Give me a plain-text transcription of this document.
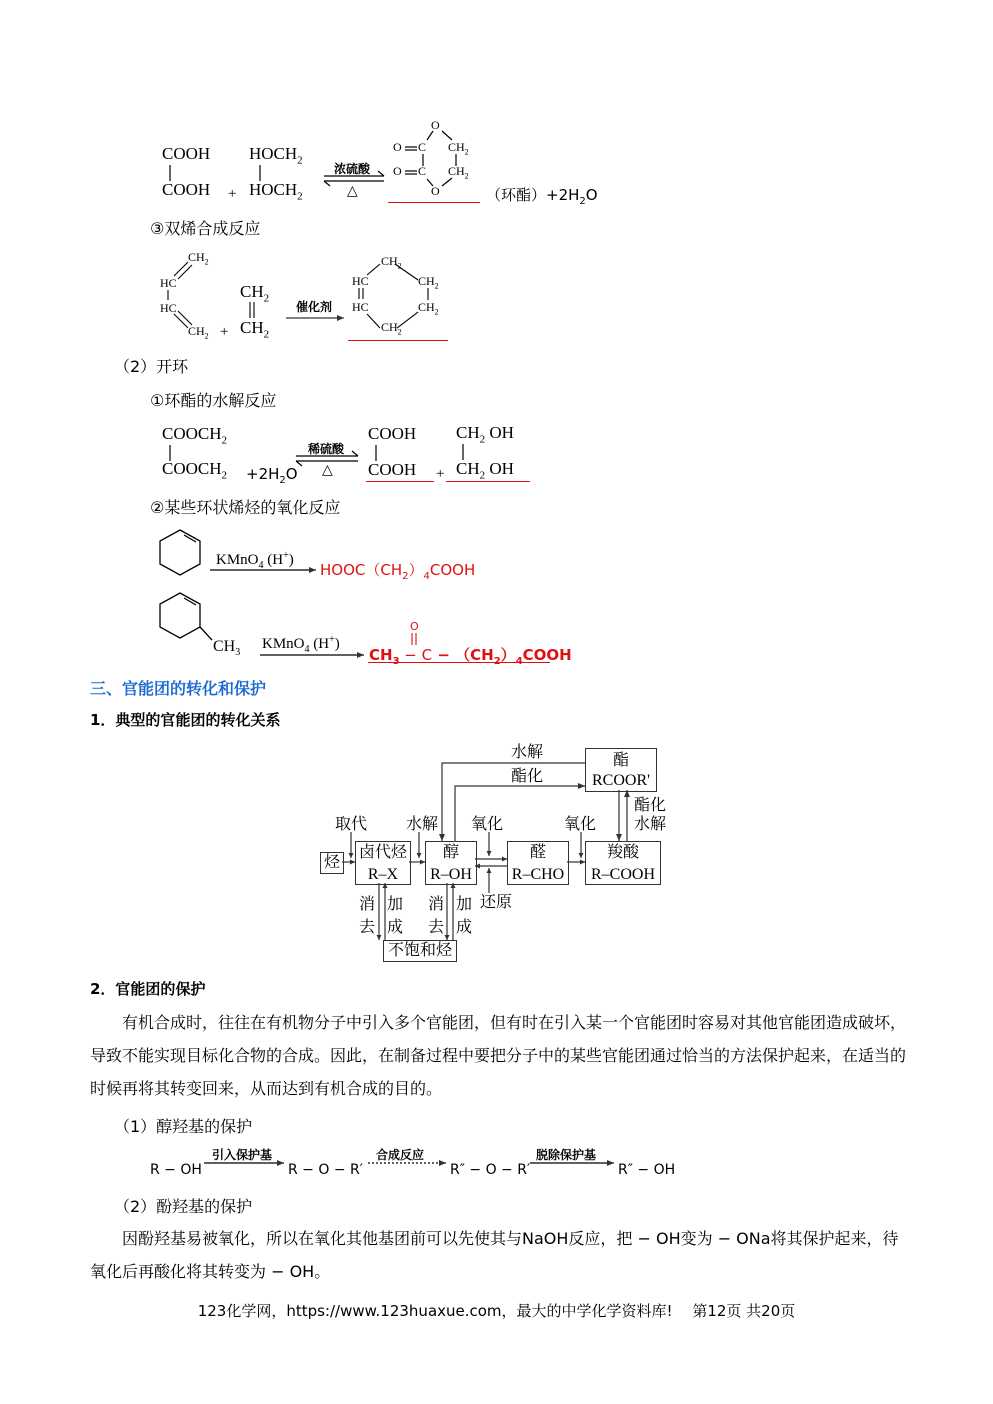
COOH
COOH +
$HOCH_2$
$HOCH_2$
浓硫酸
△
O
O C
O C
$CH_2$
$CH_2$
O	（环酯）$+2H_2O$
③双烯合成反应
$CH_2$
HC
HC
$CH_2$ +
$CH_2$
$CH_2$
催化剂
$CH_2$
HC
HC
$CH_2$
$CH_2$
$CH_2$
（2）开环
①环酯的水解反应
$COOCH_2$
$COOCH_2 +2H_2O$
稀硫酸
△
COOH
COOH +
$CH_2$ OH
$CH_2$ OH
②某些环状烯烃的氧化反应
KMnO$_4$ (H+)
$HOOC(CH_2)_4COOH$
$CH_3$
KMnO$_4$ (H+)
$CH_3 - C$ − $(CH_2)_4COOH$
O
三、官能团的转化和保护
1．典型的官能团的转化关系
酯
RCOOR'
水解
酯化
酯化
水解
取代 水解 氧化	氧化
烃
卤代烃
R–X
醇
R–OH
醛
R–CHO
羧酸
R–COOH
消
去
加
成
消
去
加
成
还原
不饱和烃
2．官能团的保护
有机合成时，往往在有机物分子中引入多个官能团，但有时在引入某一个官能团时容易对其他官能团造成破坏，导致不能实现目标化合物的合成。因此，在制备过程中要把分子中的某些官能团通过恰当的方法保护起来，在适当的时候再将其转变回来，从而达到有机合成的目的。
（1）醇羟基的保护
R − OH
引入保护基
R − O − R′
合成反应
R″ − O − R′
脱除保护基
R″ − OH
（2）酚羟基的保护
因酚羟基易被氧化，所以在氧化其他基团前可以先使其与NaOH反应，把 − OH变为 − ONa将其保护起来，待氧化后再酸化将其转变为 − OH。
123化学网，https://www.123huaxue.com，最大的中学化学资料库!　 第12页 共20页
